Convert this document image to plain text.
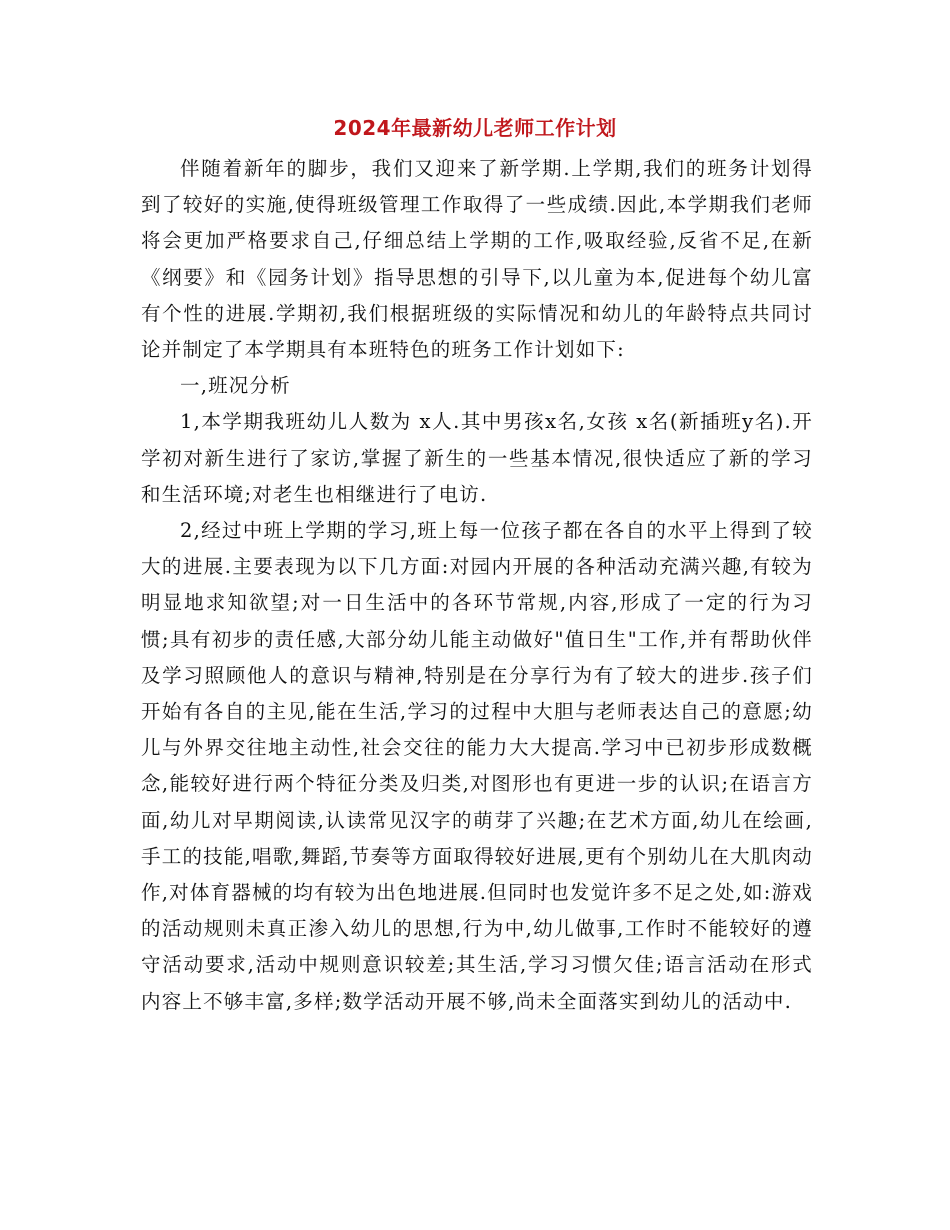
2024年最新幼儿老师工作计划

伴随着新年的脚步，我们又迎来了新学期.上学期,我们的班务计划得到了较好的实施,使得班级管理工作取得了一些成绩.因此,本学期我们老师将会更加严格要求自己,仔细总结上学期的工作,吸取经验,反省不足,在新《纲要》和《园务计划》指导思想的引导下,以儿童为本,促进每个幼儿富有个性的进展.学期初,我们根据班级的实际情况和幼儿的年龄特点共同讨论并制定了本学期具有本班特色的班务工作计划如下:

一,班况分析

1,本学期我班幼儿人数为 x人.其中男孩x名,女孩 x名(新插班y名).开学初对新生进行了家访,掌握了新生的一些基本情况,很快适应了新的学习和生活环境;对老生也相继进行了电访.

2,经过中班上学期的学习,班上每一位孩子都在各自的水平上得到了较大的进展.主要表现为以下几方面:对园内开展的各种活动充满兴趣,有较为明显地求知欲望;对一日生活中的各环节常规,内容,形成了一定的行为习惯;具有初步的责任感,大部分幼儿能主动做好"值日生"工作,并有帮助伙伴及学习照顾他人的意识与精神,特别是在分享行为有了较大的进步.孩子们开始有各自的主见,能在生活,学习的过程中大胆与老师表达自己的意愿;幼儿与外界交往地主动性,社会交往的能力大大提高.学习中已初步形成数概念,能较好进行两个特征分类及归类,对图形也有更进一步的认识;在语言方面,幼儿对早期阅读,认读常见汉字的萌芽了兴趣;在艺术方面,幼儿在绘画,手工的技能,唱歌,舞蹈,节奏等方面取得较好进展,更有个别幼儿在大肌肉动作,对体育器械的均有较为出色地进展.但同时也发觉许多不足之处,如:游戏的活动规则未真正渗入幼儿的思想,行为中,幼儿做事,工作时不能较好的遵守活动要求,活动中规则意识较差;其生活,学习习惯欠佳;语言活动在形式内容上不够丰富,多样;数学活动开展不够,尚未全面落实到幼儿的活动中.
